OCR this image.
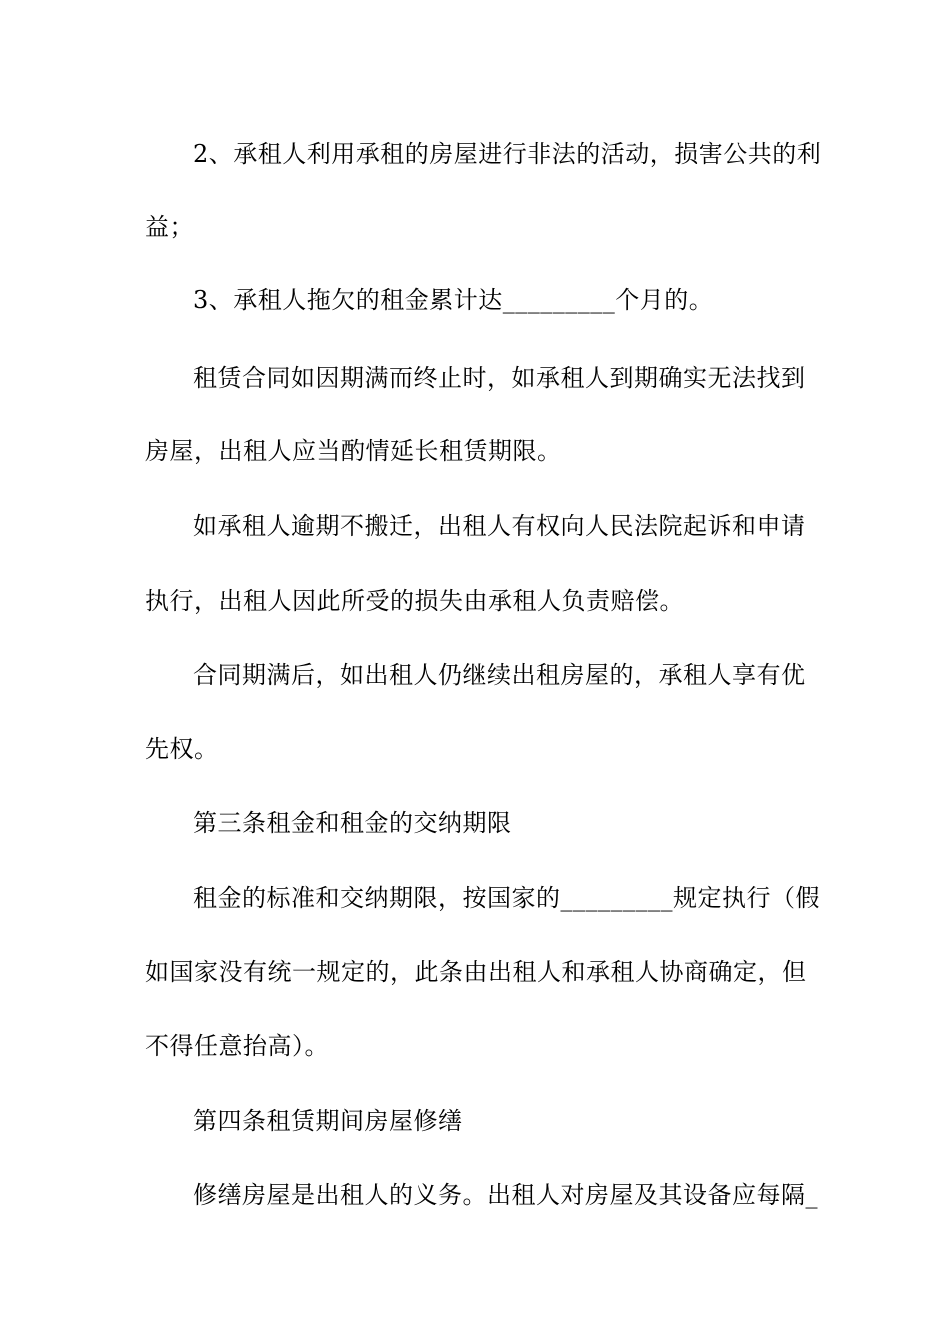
2、承租人利用承租的房屋进行非法的活动，损害公共的利
益；
3、承租人拖欠的租金累计达_________个月的。
租赁合同如因期满而终止时，如承租人到期确实无法找到
房屋，出租人应当酌情延长租赁期限。
如承租人逾期不搬迁，出租人有权向人民法院起诉和申请
执行，出租人因此所受的损失由承租人负责赔偿。
合同期满后，如出租人仍继续出租房屋的，承租人享有优
先权。
第三条租金和租金的交纳期限
租金的标准和交纳期限，按国家的_________规定执行（假
如国家没有统一规定的，此条由出租人和承租人协商确定，但
不得任意抬高）。
第四条租赁期间房屋修缮
修缮房屋是出租人的义务。出租人对房屋及其设备应每隔_
